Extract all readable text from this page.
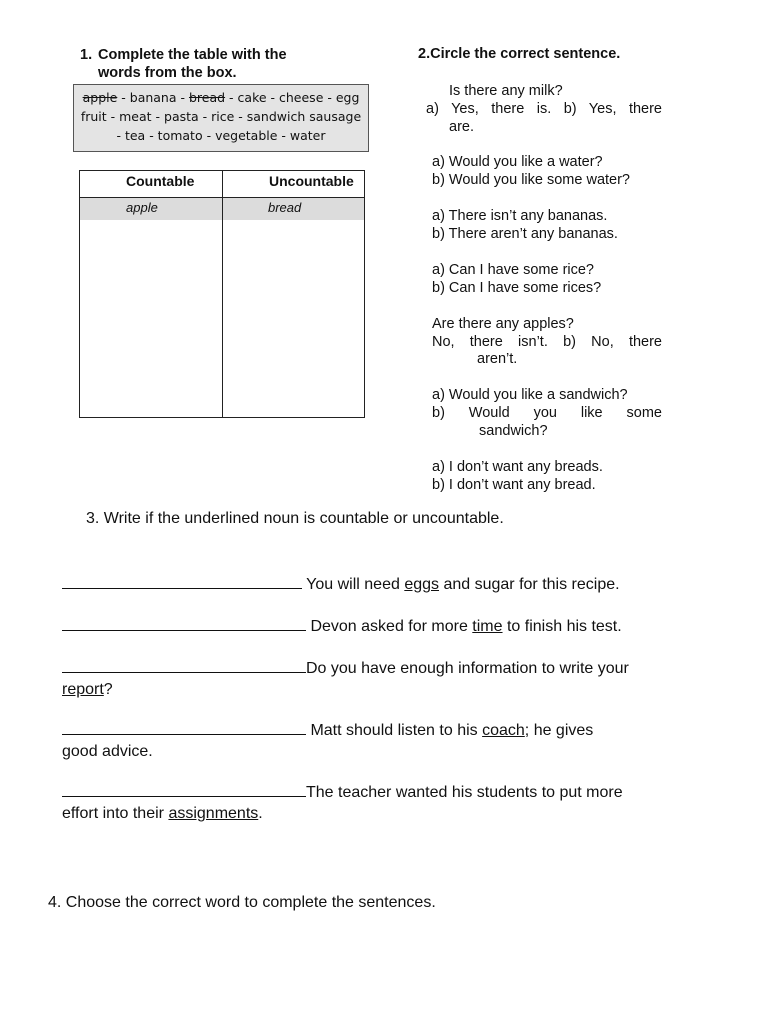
1. Complete the table with the
words from the box.
apple - banana - bread - cake - cheese - egg
fruit - meat - pasta - rice - sandwich sausage
- tea - tomato - vegetable - water
Countable	Uncountable
apple	bread
2.Circle the correct sentence.
Is there any milk?
a) Yes, there is. b) Yes, there
are.
a) Would you like a water?
b) Would you like some water?
a) There isn’t any bananas.
b) There aren’t any bananas.
a) Can I have some rice?
b) Can I have some rices?
Are there any apples?
No, there isn’t. b) No, there
aren’t.
a) Would you like a sandwich?
b) Would you like some
sandwich?
a) I don’t want any breads.
b) I don’t want any bread.
3. Write if the underlined noun is countable or uncountable.
You will need eggs and sugar for this recipe.
Devon asked for more time to finish his test.
Do you have enough information to write your
report?
Matt should listen to his coach; he gives
good advice.
The teacher wanted his students to put more
effort into their assignments.
4. Choose the correct word to complete the sentences.
